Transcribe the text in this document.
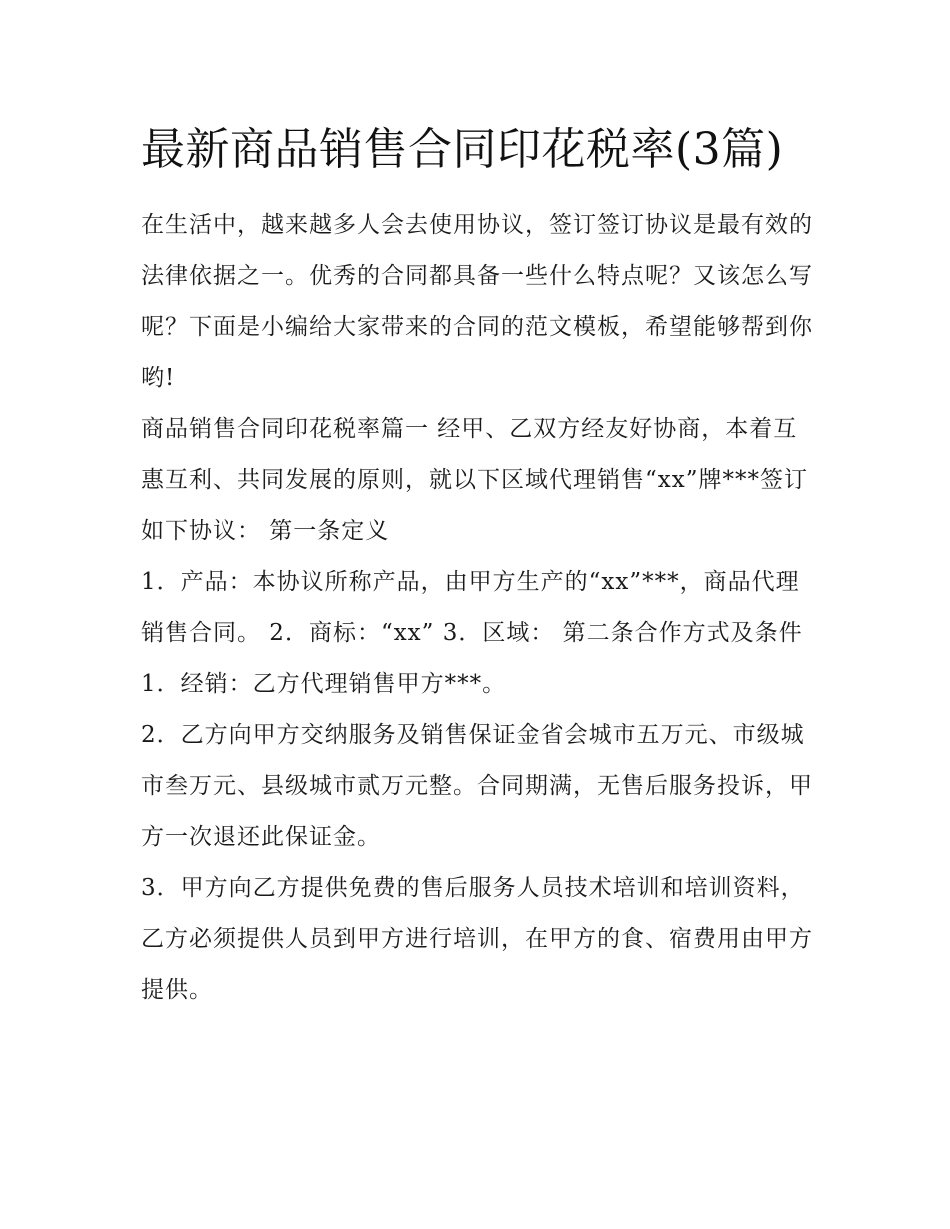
最新商品销售合同印花税率(3篇)

在生活中，越来越多人会去使用协议，签订签订协议是最有效的法律依据之一。优秀的合同都具备一些什么特点呢？又该怎么写呢？下面是小编给大家带来的合同的范文模板，希望能够帮到你哟!

商品销售合同印花税率篇一 经甲、乙双方经友好协商，本着互惠互利、共同发展的原则，就以下区域代理销售“xx”牌***签订如下协议： 第一条定义

1．产品：本协议所称产品，由甲方生产的“xx”***，商品代理销售合同。 2．商标：“xx” 3．区域： 第二条合作方式及条件

1．经销：乙方代理销售甲方***。

2．乙方向甲方交纳服务及销售保证金省会城市五万元、市级城市叁万元、县级城市贰万元整。合同期满，无售后服务投诉，甲方一次退还此保证金。

3．甲方向乙方提供免费的售后服务人员技术培训和培训资料，乙方必须提供人员到甲方进行培训，在甲方的食、宿费用由甲方提供。
